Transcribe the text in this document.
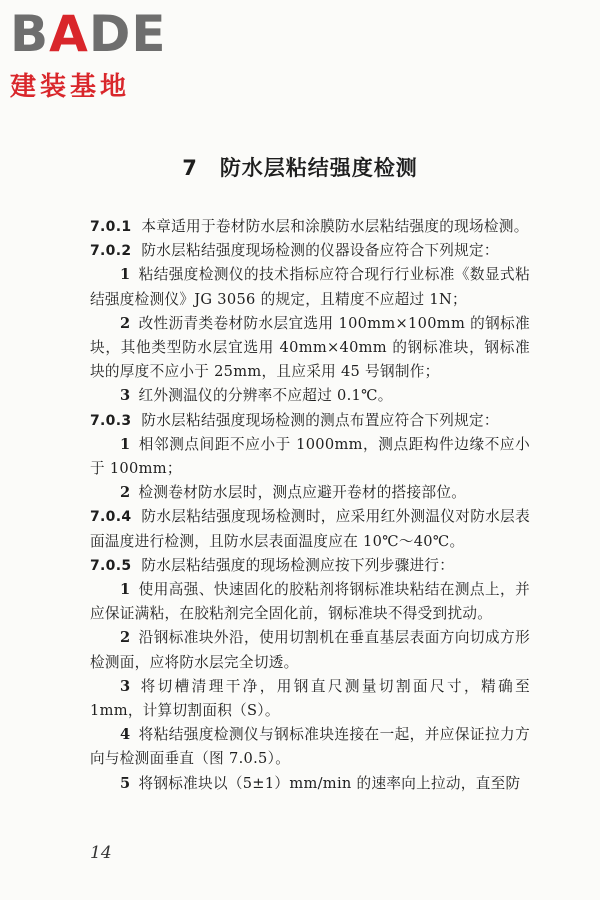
BADE
建装基地
7 防水层粘结强度检测

7.0.1 本章适用于卷材防水层和涂膜防水层粘结强度的现场检测。

7.0.2 防水层粘结强度现场检测的仪器设备应符合下列规定：

1 粘结强度检测仪的技术指标应符合现行行业标准《数显式粘结强度检测仪》JG 3056 的规定，且精度不应超过 1N；

2 改性沥青类卷材防水层宜选用 100mm×100mm 的钢标准块，其他类型防水层宜选用 40mm×40mm 的钢标准块，钢标准块的厚度不应小于 25mm，且应采用 45 号钢制作；

3 红外测温仪的分辨率不应超过 0.1℃。

7.0.3 防水层粘结强度现场检测的测点布置应符合下列规定：

1 相邻测点间距不应小于 1000mm，测点距构件边缘不应小于 100mm；

2 检测卷材防水层时，测点应避开卷材的搭接部位。

7.0.4 防水层粘结强度现场检测时，应采用红外测温仪对防水层表面温度进行检测，且防水层表面温度应在 10℃～40℃。

7.0.5 防水层粘结强度的现场检测应按下列步骤进行：

1 使用高强、快速固化的胶粘剂将钢标准块粘结在测点上，并应保证满粘，在胶粘剂完全固化前，钢标准块不得受到扰动。

2 沿钢标准块外沿，使用切割机在垂直基层表面方向切成方形检测面，应将防水层完全切透。

3 将切槽清理干净，用钢直尺测量切割面尺寸，精确至 1mm，计算切割面积（S）。

4 将粘结强度检测仪与钢标准块连接在一起，并应保证拉力方向与检测面垂直（图 7.0.5）。

5 将钢标准块以（5±1）mm/min 的速率向上拉动，直至防

14
